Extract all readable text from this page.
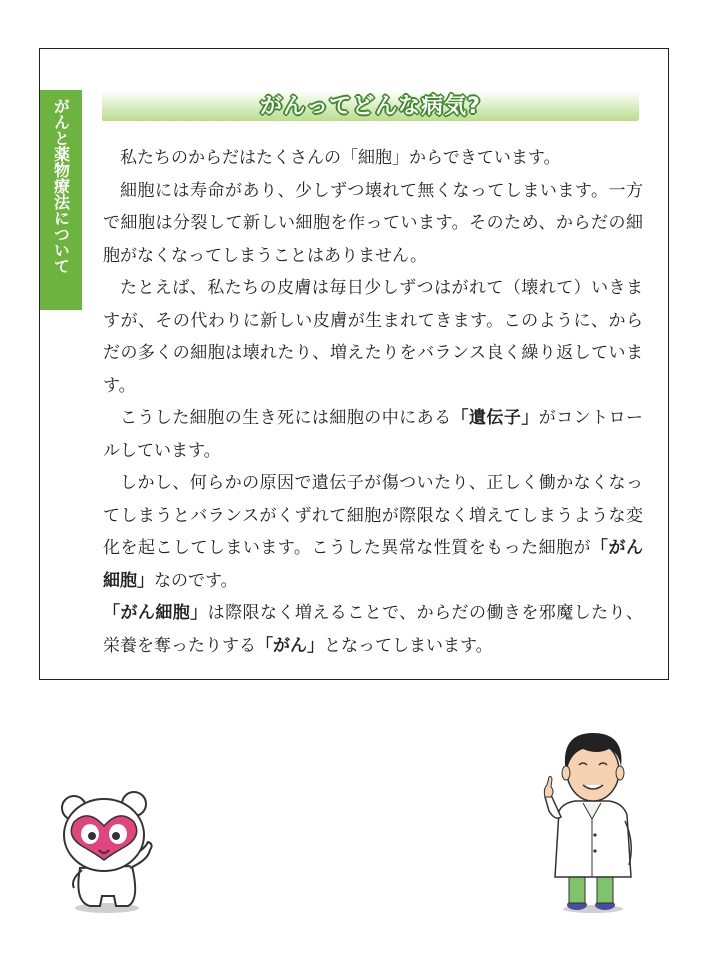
がんと薬物療法について	がんってどんな病気?

私たちのからだはたくさんの「細胞」からできています。

細胞には寿命があり、少しずつ壊れて無くなってしまいます。一方で細胞は分裂して新しい細胞を作っています。そのため、からだの細胞がなくなってしまうことはありません。

たとえば、私たちの皮膚は毎日少しずつはがれて（壊れて）いきますが、その代わりに新しい皮膚が生まれてきます。このように、からだの多くの細胞は壊れたり、増えたりをバランス良く繰り返しています。

こうした細胞の生き死には細胞の中にある「遺伝子」がコントロールしています。

しかし、何らかの原因で遺伝子が傷ついたり、正しく働かなくなってしまうとバランスがくずれて細胞が際限なく増えてしまうような変化を起こしてしまいます。こうした異常な性質をもった細胞が「がん細胞」なのです。

「がん細胞」は際限なく増えることで、からだの働きを邪魔したり、栄養を奪ったりする「がん」となってしまいます。
